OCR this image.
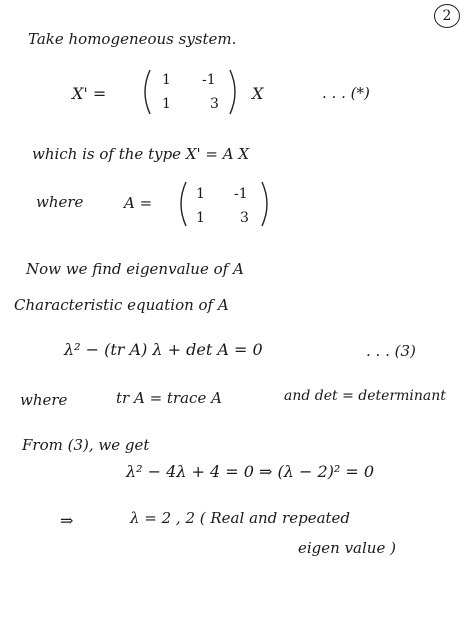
2
Take homogeneous system.
X' =
1 -1
1	3
X	. . . (*)
which is of the type X' = A X
where	A =	1 -1
1	3
Now we find eigenvalue of A
Characteristic equation of A
λ² − (tr A) λ + det A = 0	. . . (3)
where	tr A = trace A	and det = determinant
From (3), we get
λ² − 4λ + 4 = 0 ⇒ (λ − 2)² = 0
⇒	λ = 2 , 2 ( Real and repeated
eigen value )
